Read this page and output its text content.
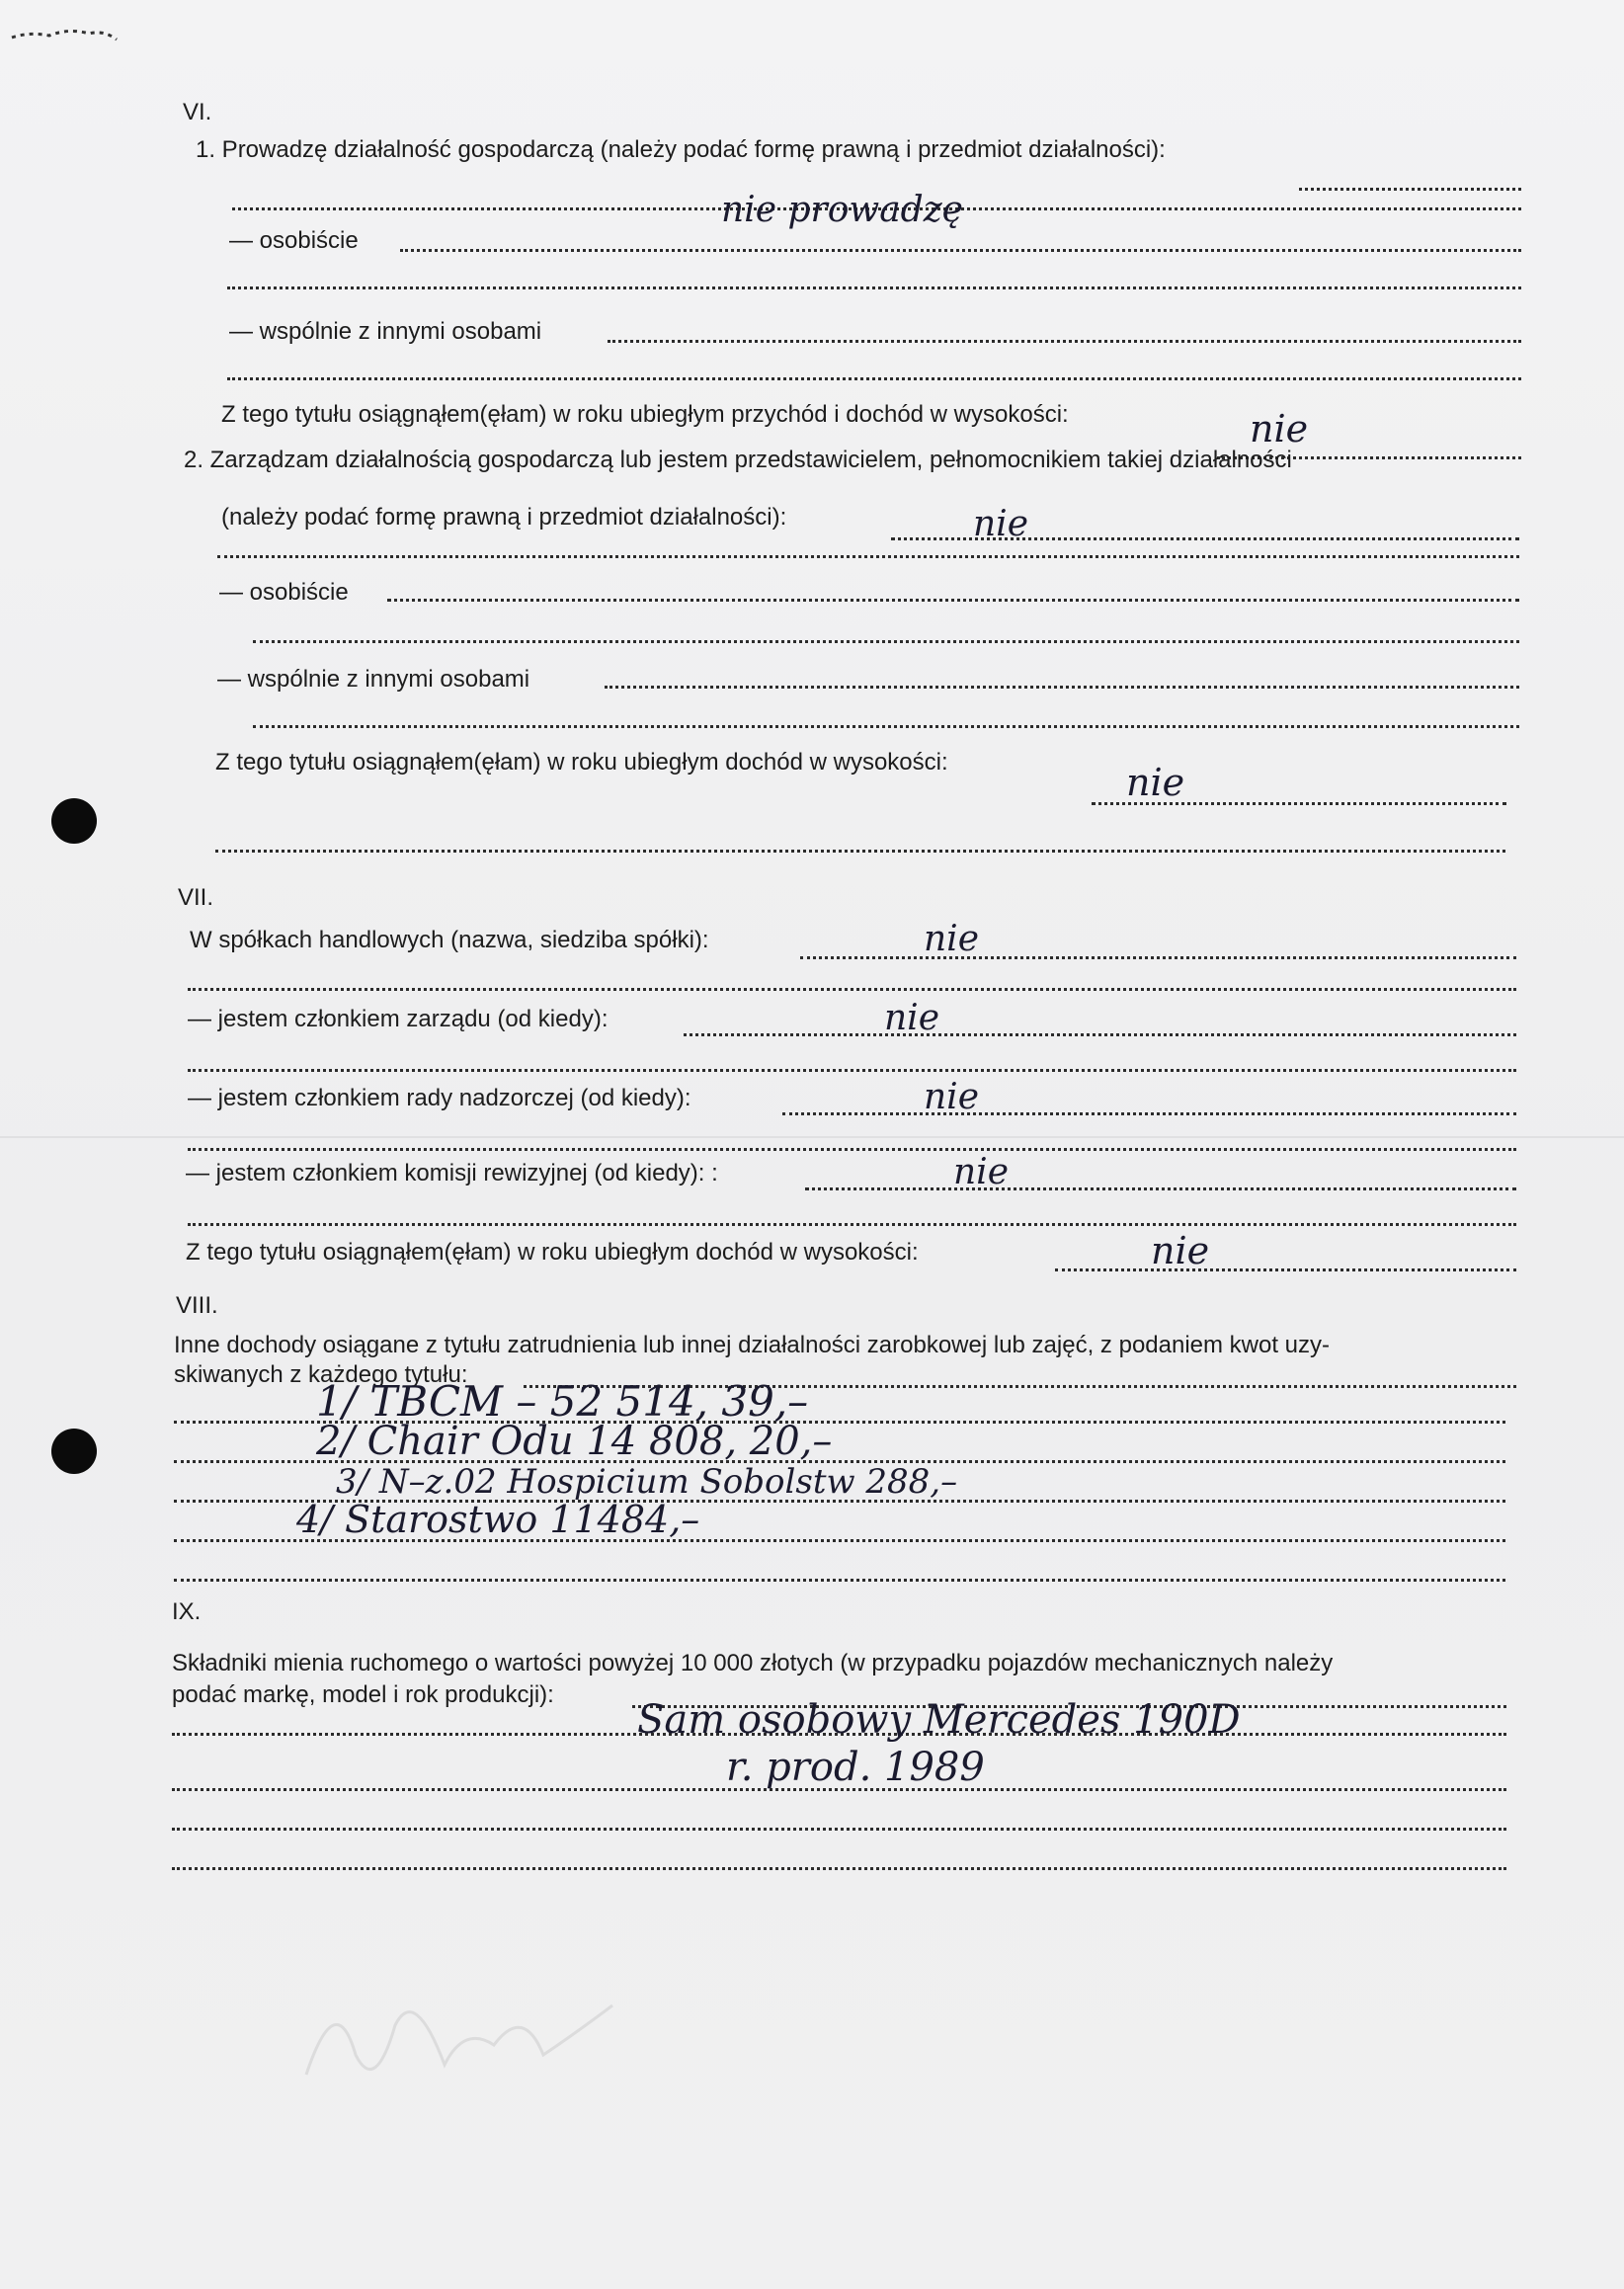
VI.
1. Prowadzę działalność gospodarczą (należy podać formę prawną i przedmiot działalności):
nie prowadzę
— osobiście
— wspólnie z innymi osobami
Z tego tytułu osiągnąłem(ęłam) w roku ubiegłym przychód i dochód w wysokości:	nie
2. Zarządzam działalnością gospodarczą lub jestem przedstawicielem, pełnomocnikiem takiej działalności
(należy podać formę prawną i przedmiot działalności):	nie
— osobiście
— wspólnie z innymi osobami
Z tego tytułu osiągnąłem(ęłam) w roku ubiegłym dochód w wysokości:	nie
VII.
W spółkach handlowych (nazwa, siedziba spółki):	nie
— jestem członkiem zarządu (od kiedy):	nie
— jestem członkiem rady nadzorczej (od kiedy):	nie
— jestem członkiem komisji rewizyjnej (od kiedy): :	nie
Z tego tytułu osiągnąłem(ęłam) w roku ubiegłym dochód w wysokości:	nie
VIII.
Inne dochody osiągane z tytułu zatrudnienia lub innej działalności zarobkowej lub zajęć, z podaniem kwot uzy-
skiwanych z każdego tytułu:
1/ TBCM – 52 514, 39,–
2/ Chair Odu 14 808, 20,–
3/ N–z.02 Hospicium Sobolstw 288,–
4/ Starostwo 11484,–
IX.
Składniki mienia ruchomego o wartości powyżej 10 000 złotych (w przypadku pojazdów mechanicznych należy
podać markę, model i rok produkcji):
Sam osobowy Mercedes 190D
r. prod. 1989
